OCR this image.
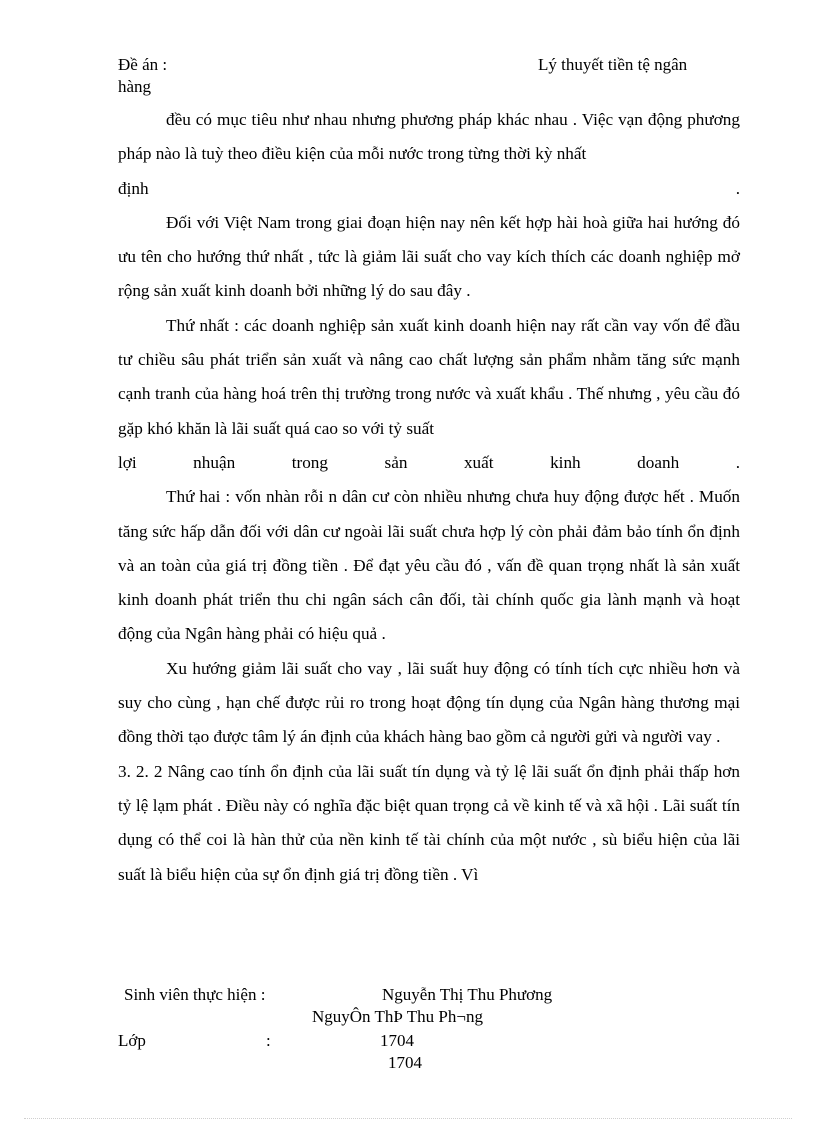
Đề án :	Lý thuyết tiền tệ ngân
hàng

đều có mục tiêu như nhau nhưng phương pháp khác nhau . Việc vạn động phương pháp nào là tuỳ theo điều kiện của mỗi nước trong từng thời kỳ nhất

định	.

Đối với Việt Nam trong giai đoạn hiện nay nên kết hợp hài hoà giữa hai hướng đó ưu tên cho hướng thứ nhất , tức là giảm lãi suất cho vay kích thích các doanh nghiệp mở rộng sản xuất kinh doanh bởi những lý do sau đây .

Thứ nhất : các doanh nghiệp sản xuất kinh doanh hiện nay rất cần vay vốn để đầu tư chiều sâu phát triển sản xuất và nâng cao chất lượng sản phẩm nhằm tăng sức mạnh cạnh tranh của hàng hoá trên thị trường trong nước và xuất khẩu . Thế nhưng , yêu cầu đó gặp khó khăn là lãi suất quá cao so với tỷ suất

lợi nhuận trong sản xuất kinh doanh .

Thứ hai : vốn nhàn rỗi n dân cư còn nhiều nhưng chưa huy động được hết . Muốn tăng sức hấp dẫn đối với dân cư ngoài lãi suất chưa hợp lý còn phải đảm bảo tính ổn định và an toàn của giá trị đồng tiền . Để đạt yêu cầu đó , vấn đề quan trọng nhất là sản xuất kinh doanh phát triển thu chi ngân sách cân đối, tài chính quốc gia lành mạnh và hoạt động của Ngân hàng phải có hiệu quả .

Xu hướng giảm lãi suất cho vay , lãi suất huy động có tính tích cực nhiều hơn và suy cho cùng , hạn chế được rủi ro trong hoạt động tín dụng của Ngân hàng thương mại đồng thời tạo được tâm lý án định của khách hàng bao gồm cả người gửi và người vay .

3. 2. 2 Nâng cao tính ổn định của lãi suất tín dụng và tỷ lệ lãi suất ổn định phải thấp hơn tỷ lệ lạm phát . Điều này có nghĩa đặc biệt quan trọng cả về kinh tế và xã hội . Lãi suất tín dụng có thể coi là hàn thử của nền kinh tế tài chính của một nước , sù biểu hiện của lãi suất là biểu hiện của sự ổn định giá trị đồng tiền . Vì

Sinh viên thực hiện :	Nguyễn Thị Thu Phương
NguyÔn ThÞ Thu Ph¬ng
Lớp	:	1704
1704
